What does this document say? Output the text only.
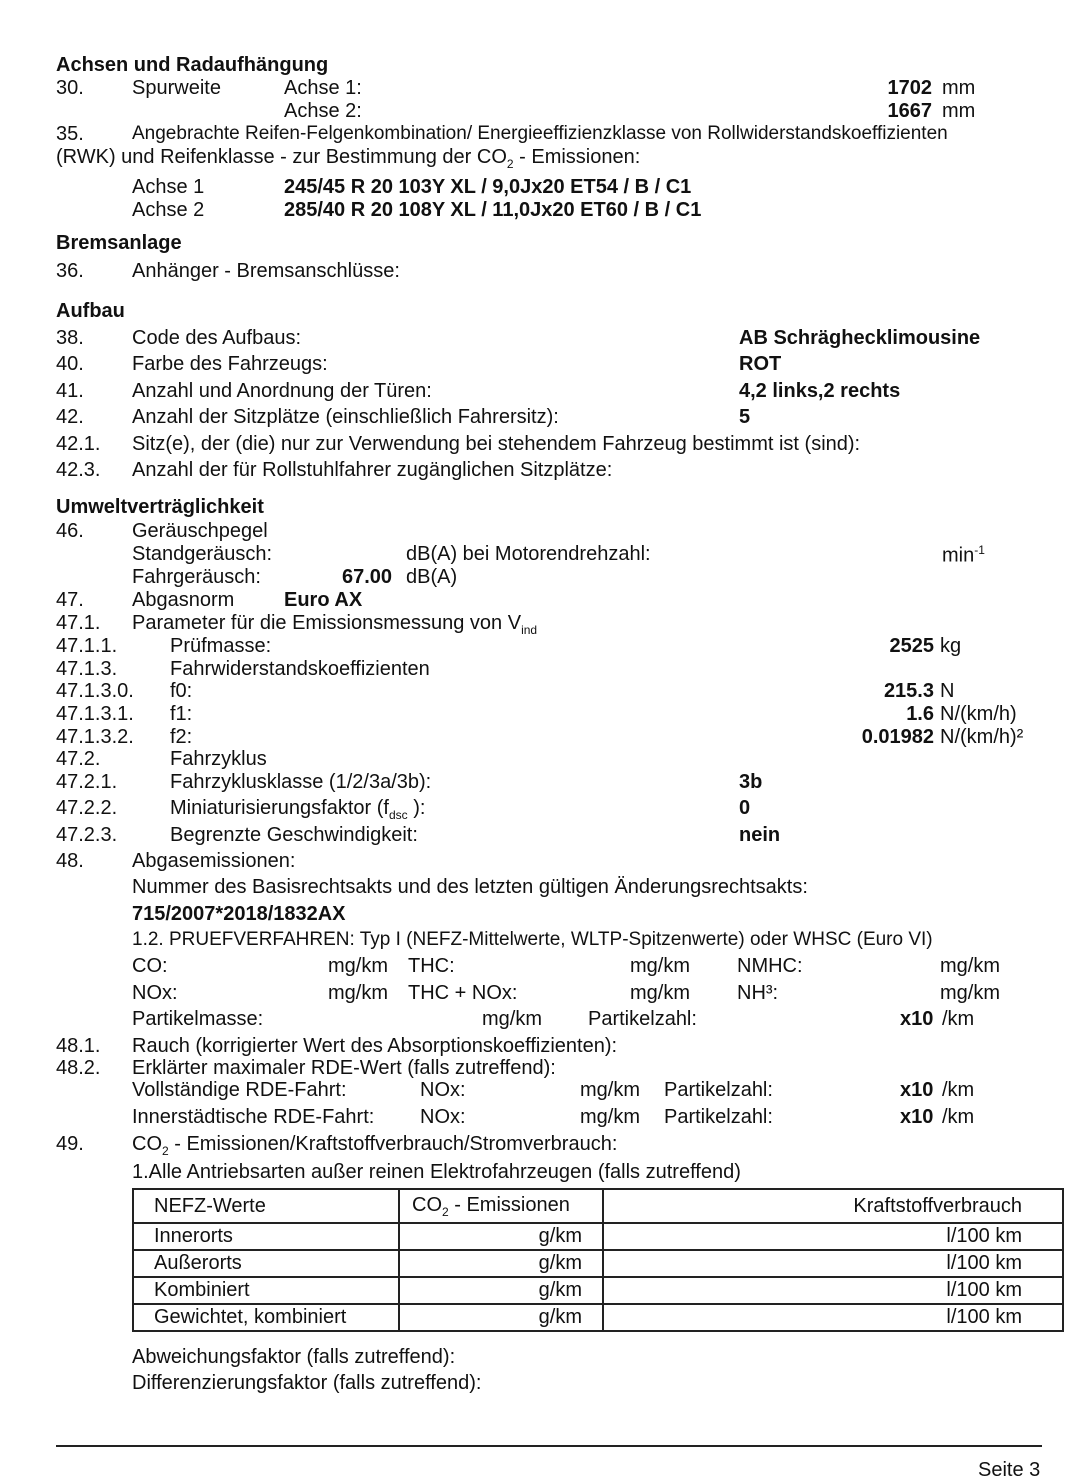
Achsen und Radaufhängung
30. Spurweite	Achse 1:	1702 mm
Achse 2:	1667 mm
35.	Angebrachte Reifen-Felgenkombination/ Energieeffizienzklasse von Rollwiderstandskoeffizienten
(RWK) und Reifenklasse - zur Bestimmung der $CO_2$ - Emissionen:
Achse 1	245/45 R 20 103Y XL / 9,0Jx20 ET54 / B / C1
Achse 2	285/40 R 20 108Y XL / 11,0Jx20 ET60 / B / C1
Bremsanlage
36. Anhänger - Bremsanschlüsse:
Aufbau
38. Code des Aufbaus:	AB Schräghecklimousine
40. Farbe des Fahrzeugs:	ROT
41. Anzahl und Anordnung der Türen:	4,2 links,2 rechts
42. Anzahl der Sitzplätze (einschließlich Fahrersitz):	5
42.1. Sitz(e), der (die) nur zur Verwendung bei stehendem Fahrzeug bestimmt ist (sind):
42.3. Anzahl der für Rollstuhlfahrer zugänglichen Sitzplätze:
Umweltverträglichkeit
46. Geräuschpegel
Standgeräusch:	dB(A) bei Motorendrehzahl:	$\min^{-1}$
Fahrgeräusch:	67.00 dB(A)
47. Abgasnorm Euro AX
47.1. Parameter für die Emissionsmessung von $V_{ind}$
47.1.1.	Prüfmasse:	2525 kg
47.1.3.	Fahrwiderstandskoeffizienten
47.1.3.0. f0:	215.3 N
47.1.3.1. f1:	1.6 N/(km/h)
47.1.3.2. f2:	0.01982 N/(km/h)²
47.2.	Fahrzyklus
47.2.1.	Fahrzyklusklasse (1/2/3a/3b):	3b
47.2.2.	Miniaturisierungsfaktor ($f_{dsc}$ ):	0
47.2.3.	Begrenzte Geschwindigkeit:	nein
48. Abgasemissionen:
Nummer des Basisrechtsakts und des letzten gültigen Änderungsrechtsakts:
715/2007*2018/1832AX
1.2. PRUEFVERFAHREN: Typ I (NEFZ-Mittelwerte, WLTP-Spitzenwerte) oder WHSC (Euro VI)
CO:	mg/km THC:	mg/km NMHC:	mg/km
NOx:	mg/km THC + NOx:	mg/km NH³:	mg/km
Partikelmasse:	mg/km Partikelzahl:	x10 /km
48.1. Rauch (korrigierter Wert des Absorptionskoeffizienten):
48.2. Erklärter maximaler RDE-Wert (falls zutreffend):
Vollständige RDE-Fahrt:	NOx:	mg/km Partikelzahl:	x10 /km
Innerstädtische RDE-Fahrt: NOx:	mg/km Partikelzahl:	x10 /km
49. $CO_2$ - Emissionen/Kraftstoffverbrauch/Stromverbrauch:
1.Alle Antriebsarten außer reinen Elektrofahrzeugen (falls zutreffend)
NEFZ-Werte	$CO_2$ - Emissionen	Kraftstoffverbrauch
Innerorts	g/km	l/100 km
Außerorts	g/km	l/100 km
Kombiniert	g/km	l/100 km
Gewichtet, kombiniert	g/km	l/100 km
Abweichungsfaktor (falls zutreffend):
Differenzierungsfaktor (falls zutreffend):
Seite 3
